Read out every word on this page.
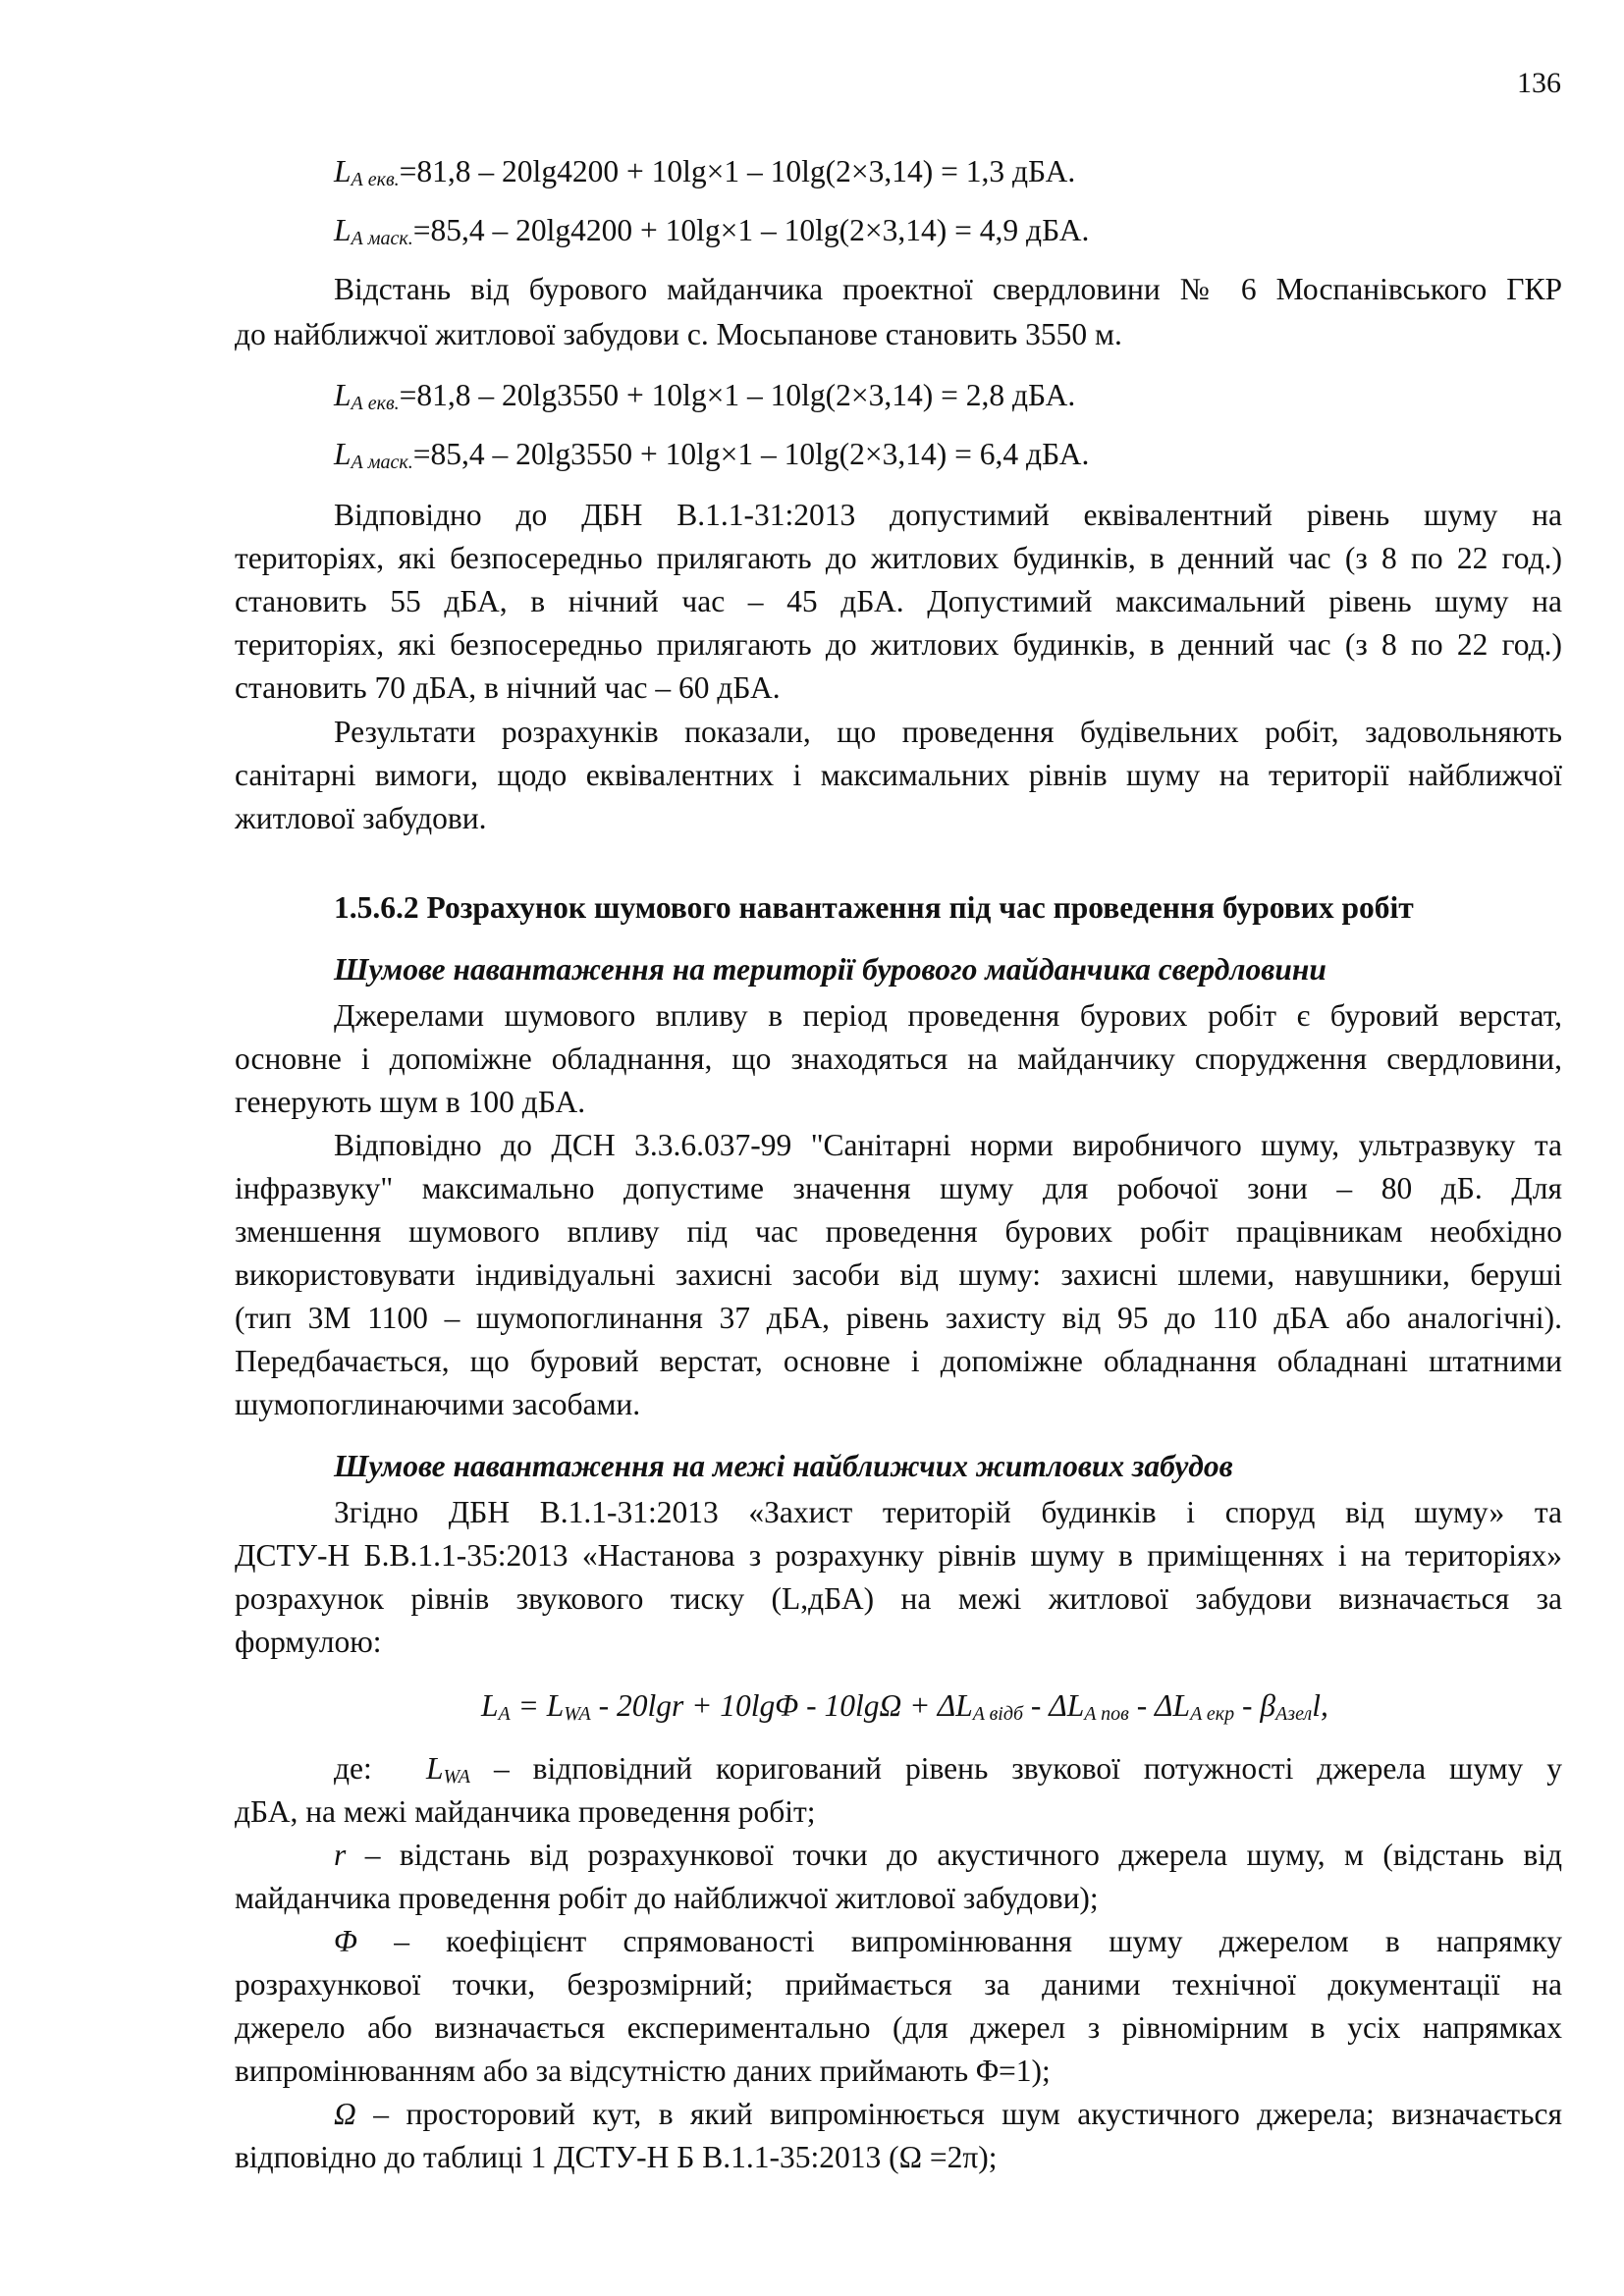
136
$L_{А екв.}=81,8 - 20\lg 4200 + 10\lg\times 1 - 10\lg(2\times 3,14) = 1,3$ дБА.
$L_{А маск.}=85,4 - 20\lg 4200 + 10\lg\times 1 - 10\lg(2\times 3,14) = 4,9$ дБА.
Відстань від бурового майданчика проектної свердловини № 6 Моспанівського ГКР
до найближчої житлової забудови с. Мосьпанове становить 3550 м.
$L_{А екв.}=81,8 - 20\lg 3550 + 10\lg\times 1 - 10\lg(2\times 3,14) = 2,8$ дБА.
$L_{А маск.}=85,4 - 20\lg 3550 + 10\lg\times 1 - 10\lg(2\times 3,14) = 6,4$ дБА.
Відповідно до ДБН В.1.1-31:2013 допустимий еквівалентний рівень шуму на
територіях, які безпосередньо прилягають до житлових будинків, в денний час (з 8 по 22 год.)
становить 55 дБА, в нічний час – 45 дБА. Допустимий максимальний рівень шуму на
територіях, які безпосередньо прилягають до житлових будинків, в денний час (з 8 по 22 год.)
становить 70 дБА, в нічний час – 60 дБА.
Результати розрахунків показали, що проведення будівельних робіт, задовольняють
санітарні вимоги, щодо еквівалентних і максимальних рівнів шуму на території найближчої
житлової забудови.
1.5.6.2 Розрахунок шумового навантаження під час проведення бурових робіт
Шумове навантаження на території бурового майданчика свердловини
Джерелами шумового впливу в період проведення бурових робіт є буровий верстат,
основне і допоміжне обладнання, що знаходяться на майданчику спорудження свердловини,
генерують шум в 100 дБА.
Відповідно до ДСН 3.3.6.037-99 "Санітарні норми виробничого шуму, ультразвуку та
інфразвуку" максимально допустиме значення шуму для робочої зони – 80 дБ. Для
зменшення шумового впливу під час проведення бурових робіт працівникам необхідно
використовувати індивідуальні захисні засоби від шуму: захисні шлеми, навушники, беруші
(тип 3М 1100 – шумопоглинання 37 дБА, рівень захисту від 95 до 110 дБА або аналогічні).
Передбачається, що буровий верстат, основне і допоміжне обладнання обладнані штатними
шумопоглинаючими засобами.
Шумове навантаження на межі найближчих житлових забудов
Згідно ДБН В.1.1-31:2013 «Захист територій будинків і споруд від шуму» та
ДСТУ-Н Б.В.1.1-35:2013 «Настанова з розрахунку рівнів шуму в приміщеннях і на територіях»
розрахунок рівнів звукового тиску (L,дБА) на межі житлової забудови визначається за
формулою:
$L_A = L_{WA} - 20\lg r + 10\lg\Phi - 10\lg\Omega + \Delta L_{A відб} - \Delta L_{A пов} - \Delta L_{A екр} - \beta_{Азел}l$,
де: $L_{WA}$ – відповідний коригований рівень звукової потужності джерела шуму у
дБА, на межі майданчика проведення робіт;
r – відстань від розрахункової точки до акустичного джерела шуму, м (відстань від
майданчика проведення робіт до найближчої житлової забудови);
Φ – коефіцієнт спрямованості випромінювання шуму джерелом в напрямку
розрахункової точки, безрозмірний; приймається за даними технічної документації на
джерело або визначається експериментально (для джерел з рівномірним в усіх напрямках
випромінюванням або за відсутністю даних приймають Φ=1);
Ω – просторовий кут, в який випромінюється шум акустичного джерела; визначається
відповідно до таблиці 1 ДСТУ-Н Б В.1.1-35:2013 (Ω =2π);
